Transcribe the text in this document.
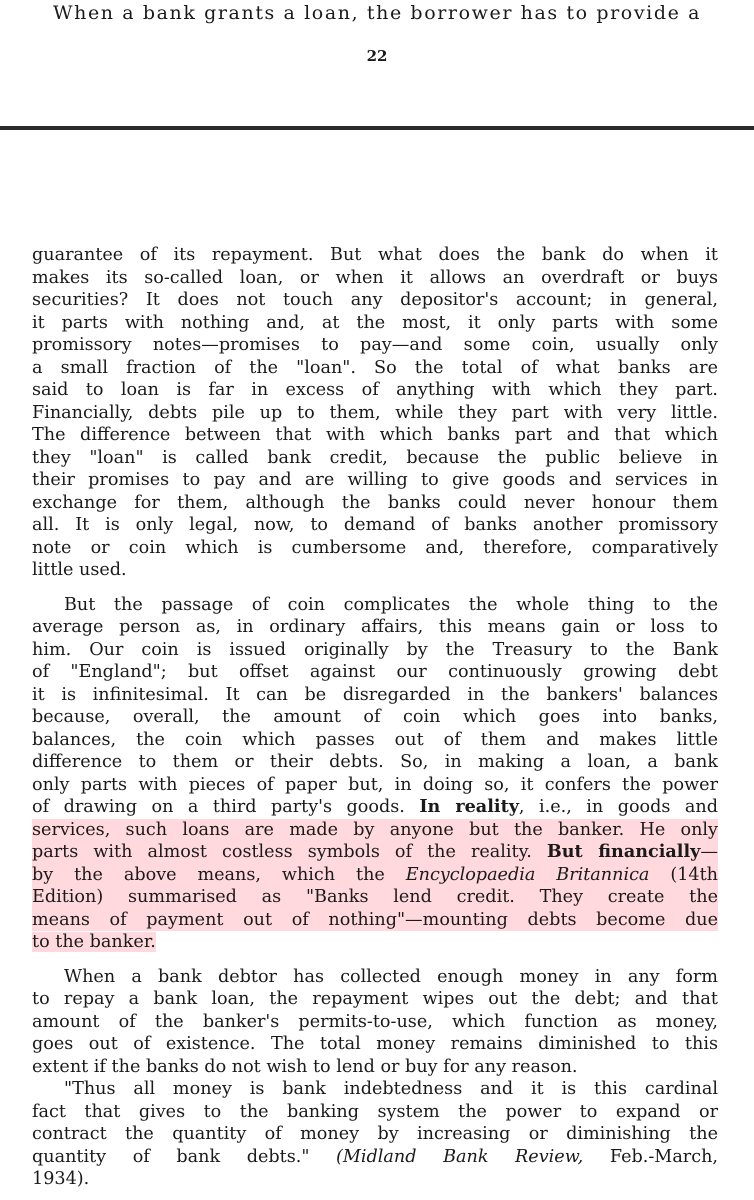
When a bank grants a loan, the borrower has to provide a
22
guarantee of its repayment. But what does the bank do when it
makes its so-called loan, or when it allows an overdraft or buys
securities? It does not touch any depositor's account; in general,
it parts with nothing and, at the most, it only parts with some
promissory notes—promises to pay—and some coin, usually only
a small fraction of the "loan". So the total of what banks are
said to loan is far in excess of anything with which they part.
Financially, debts pile up to them, while they part with very little.
The difference between that with which banks part and that which
they "loan" is called bank credit, because the public believe in
their promises to pay and are willing to give goods and services in
exchange for them, although the banks could never honour them
all. It is only legal, now, to demand of banks another promissory
note or coin which is cumbersome and, therefore, comparatively
little used.
But the passage of coin complicates the whole thing to the
average person as, in ordinary affairs, this means gain or loss to
him. Our coin is issued originally by the Treasury to the Bank
of "England"; but offset against our continuously growing debt
it is infinitesimal. It can be disregarded in the bankers' balances
because, overall, the amount of coin which goes into banks,
balances, the coin which passes out of them and makes little
difference to them or their debts. So, in making a loan, a bank
only parts with pieces of paper but, in doing so, it confers the power
of drawing on a third party's goods. In reality, i.e., in goods and
services, such loans are made by anyone but the banker. He only
parts with almost costless symbols of the reality. But financially—
by the above means, which the Encyclopaedia Britannica (14th
Edition) summarised as "Banks lend credit. They create the
means of payment out of nothing"—mounting debts become due
to the banker.
When a bank debtor has collected enough money in any form
to repay a bank loan, the repayment wipes out the debt; and that
amount of the banker's permits-to-use, which function as money,
goes out of existence. The total money remains diminished to this
extent if the banks do not wish to lend or buy for any reason.
"Thus all money is bank indebtedness and it is this cardinal
fact that gives to the banking system the power to expand or
contract the quantity of money by increasing or diminishing the
quantity of bank debts." (Midland Bank Review, Feb.-March,
1934).
